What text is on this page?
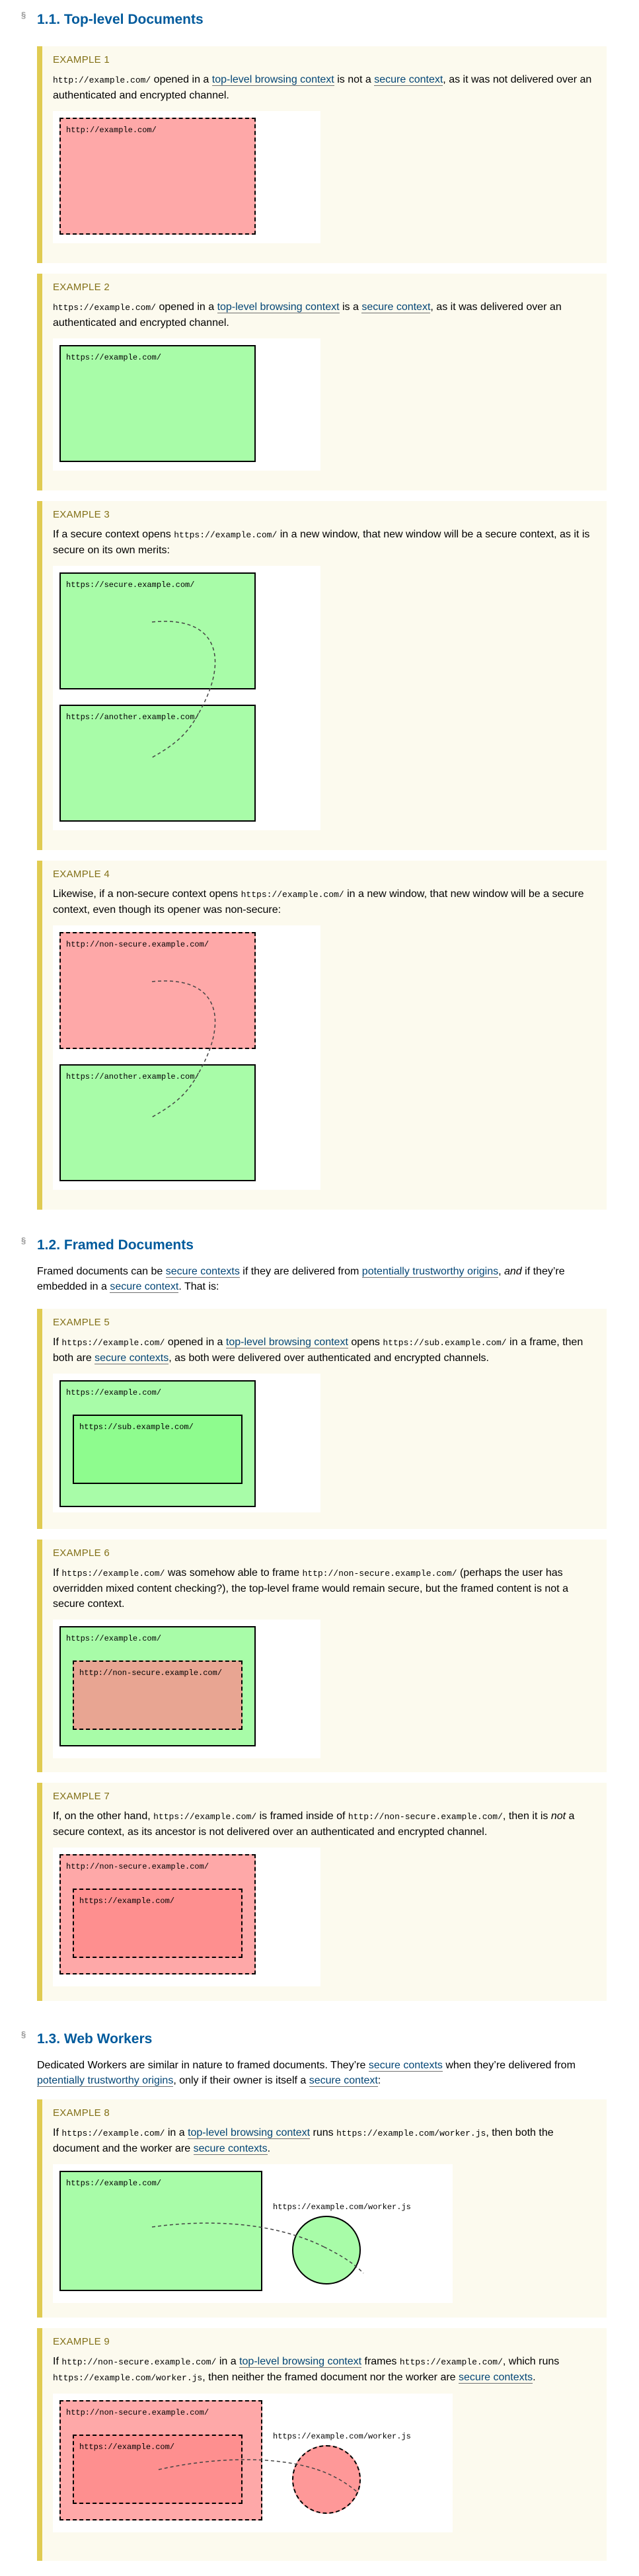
§ 1.1. Top-level Documents
EXAMPLE 1

http://example.com/ opened in a top-level browsing context is not a secure context, as it was not delivered over an authenticated and encrypted channel.

http://example.com/
EXAMPLE 2

https://example.com/ opened in a top-level browsing context is a secure context, as it was delivered over an authenticated and encrypted channel.

https://example.com/
EXAMPLE 3

If a secure context opens https://example.com/ in a new window, that new window will be a secure context, as it is secure on its own merits:

https://secure.example.com/
https://another.example.com/
EXAMPLE 4

Likewise, if a non-secure context opens https://example.com/ in a new window, that new window will be a secure context, even though its opener was non-secure:

http://non-secure.example.com/
https://another.example.com/
§ 1.2. Framed Documents

Framed documents can be secure contexts if they are delivered from potentially trustworthy origins, and if they’re embedded in a secure context. That is:

EXAMPLE 5

If https://example.com/ opened in a top-level browsing context opens https://sub.example.com/ in a frame, then both are secure contexts, as both were delivered over authenticated and encrypted channels.

https://example.com/
https://sub.example.com/
EXAMPLE 6

If https://example.com/ was somehow able to frame http://non-secure.example.com/ (perhaps the user has overridden mixed content checking?), the top-level frame would remain secure, but the framed content is not a secure context.

https://example.com/
http://non-secure.example.com/
EXAMPLE 7

If, on the other hand, https://example.com/ is framed inside of http://non-secure.example.com/, then it is not a secure context, as its ancestor is not delivered over an authenticated and encrypted channel.

http://non-secure.example.com/
https://example.com/
§ 1.3. Web Workers

Dedicated Workers are similar in nature to framed documents. They’re secure contexts when they’re delivered from potentially trustworthy origins, only if their owner is itself a secure context:

EXAMPLE 8

If https://example.com/ in a top-level browsing context runs https://example.com/worker.js, then both the document and the worker are secure contexts.

https://example.com/
https://example.com/worker.js
EXAMPLE 9

If http://non-secure.example.com/ in a top-level browsing context frames https://example.com/, which runs https://example.com/worker.js, then neither the framed document nor the worker are secure contexts.

http://non-secure.example.com/
https://example.com/
https://example.com/worker.js
